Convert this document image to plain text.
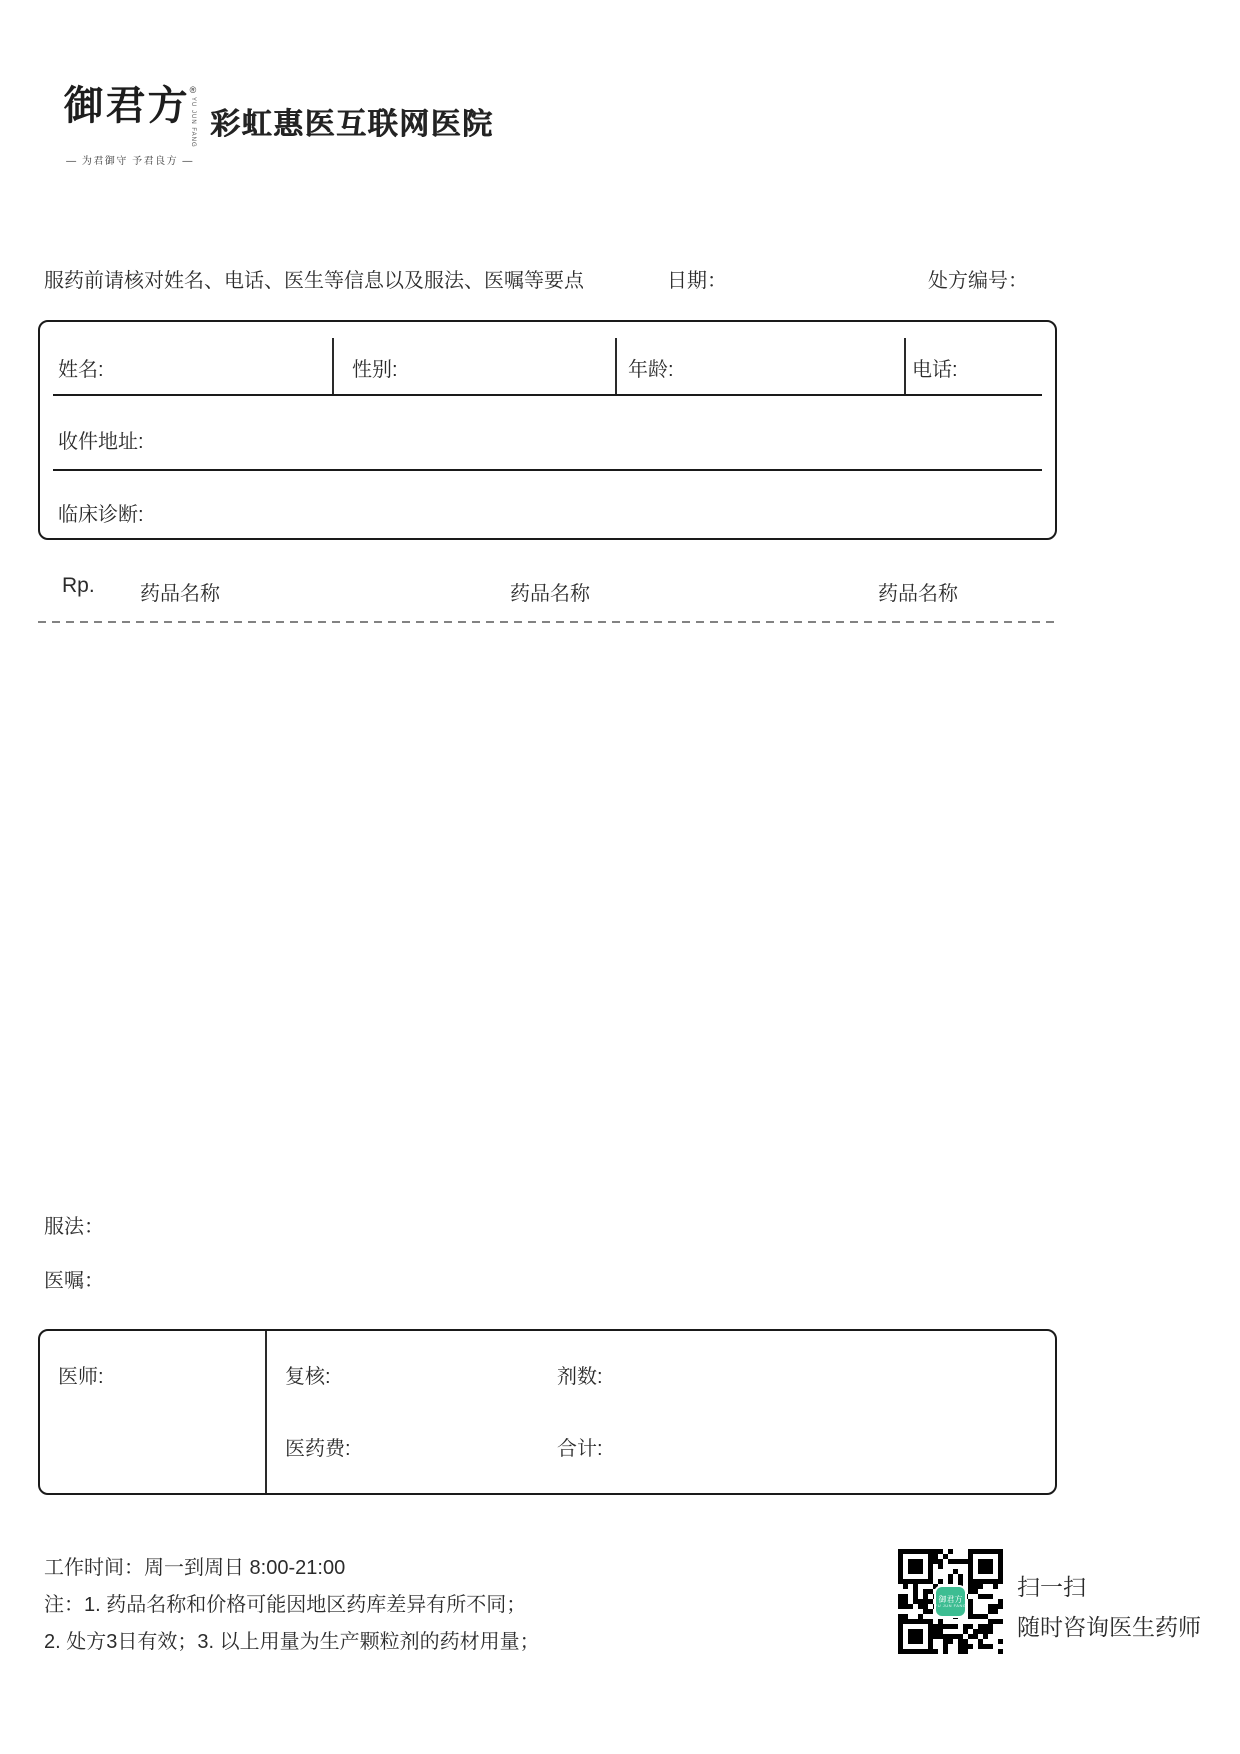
御君方 ®
YU JUN FANG
— 为君御守 予君良方 —
彩虹惠医互联网医院
服药前请核对姓名、电话、医生等信息以及服法、医嘱等要点	日期：	处方编号：
姓名:	性别:	年龄:	电话:
收件地址:
临床诊断:
Rp. 药品名称	药品名称	药品名称
服法：
医嘱：
医师:	复核:	剂数:
医药费:	合计:
工作时间：周一到周日 8:00-21:00
注：1. 药品名称和价格可能因地区药库差异有所不同；
2. 处方3日有效；3. 以上用量为生产颗粒剂的药材用量；
御君方
YU JUN FANG
扫一扫
随时咨询医生药师
